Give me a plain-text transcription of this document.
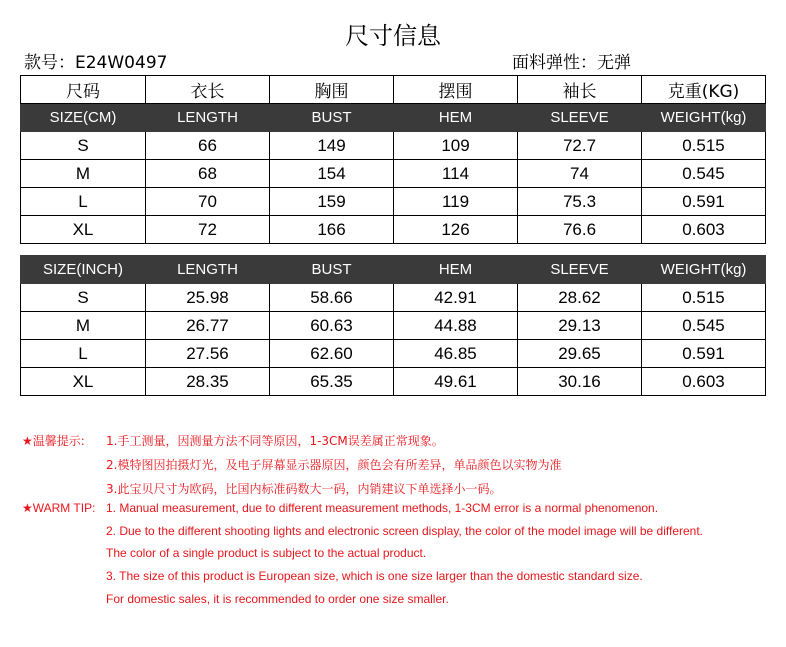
尺寸信息
款号：E24W0497	面料弹性：无弹
尺码	衣长	胸围	摆围	袖长	克重(KG)
SIZE(CM)	LENGTH	BUST	HEM	SLEEVE	WEIGHT(kg)
S	66	149	109	72.7	0.515
M	68	154	114	74	0.545
L	70	159	119	75.3	0.591
XL	72	166	126	76.6	0.603
SIZE(INCH)	LENGTH	BUST	HEM	SLEEVE	WEIGHT(kg)
S	25.98	58.66	42.91	28.62	0.515
M	26.77	60.63	44.88	29.13	0.545
L	27.56	62.60	46.85	29.65	0.591
XL	28.35	65.35	49.61	30.16	0.603
★温馨提示: 1.手工测量，因测量方法不同等原因，1-3CM误差属正常现象。
2.模特图因拍摄灯光，及电子屏幕显示器原因，颜色会有所差异，单品颜色以实物为准
3.此宝贝尺寸为欧码，比国内标准码数大一码，内销建议下单选择小一码。
★WARM TIP: 1. Manual measurement, due to different measurement methods, 1-3CM error is a normal phenomenon.
2. Due to the different shooting lights and electronic screen display, the color of the model image will be different.
The color of a single product is subject to the actual product.
3. The size of this product is European size, which is one size larger than the domestic standard size.
For domestic sales, it is recommended to order one size smaller.
